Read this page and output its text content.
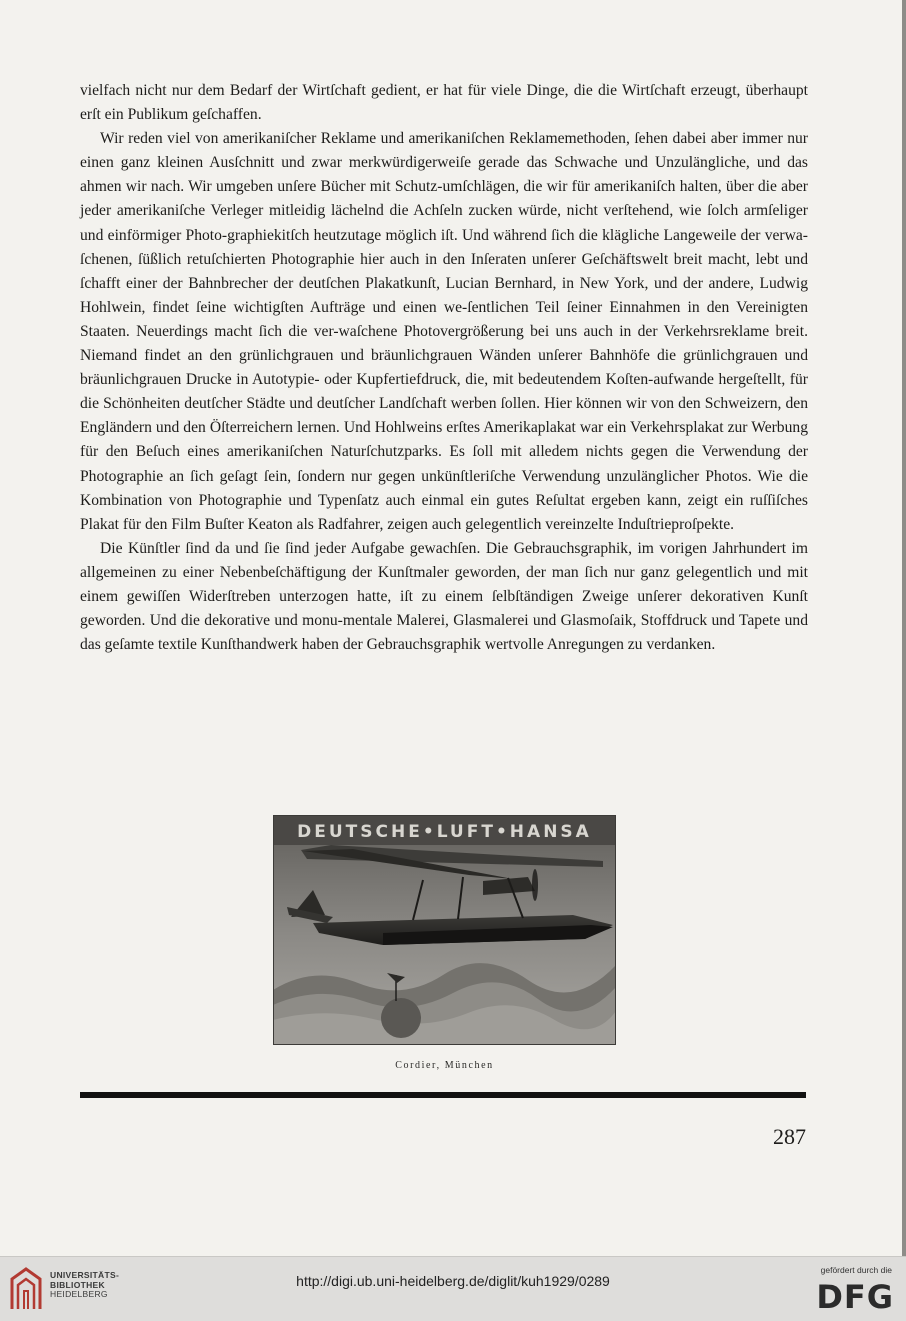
vielfach nicht nur dem Bedarf der Wirtſchaft gedient, er hat für viele Dinge, die die Wirtſchaft erzeugt, überhaupt erſt ein Publikum geſchaffen.

Wir reden viel von amerikaniſcher Reklame und amerikaniſchen Reklamemethoden, ſehen dabei aber immer nur einen ganz kleinen Ausſchnitt und zwar merkwürdigerweiſe gerade das Schwache und Unzulängliche, und das ahmen wir nach. Wir umgeben unſere Bücher mit Schutz-umſchlägen, die wir für amerikaniſch halten, über die aber jeder amerikaniſche Verleger mitleidig lächelnd die Achſeln zucken würde, nicht verſtehend, wie ſolch armſeliger und einförmiger Photo-graphiekitſch heutzutage möglich iſt. Und während ſich die klägliche Langeweile der verwa-ſchenen, ſüßlich retuſchierten Photographie hier auch in den Inſeraten unſerer Geſchäftswelt breit macht, lebt und ſchafft einer der Bahnbrecher der deutſchen Plakatkunſt, Lucian Bernhard, in New York, und der andere, Ludwig Hohlwein, findet ſeine wichtigſten Aufträge und einen we-ſentlichen Teil ſeiner Einnahmen in den Vereinigten Staaten. Neuerdings macht ſich die ver-waſchene Photovergrößerung bei uns auch in der Verkehrsreklame breit. Niemand findet an den grünlichgrauen und bräunlichgrauen Wänden unſerer Bahnhöfe die grünlichgrauen und bräunlichgrauen Drucke in Autotypie- oder Kupfertiefdruck, die, mit bedeutendem Koſten-aufwande hergeſtellt, für die Schönheiten deutſcher Städte und deutſcher Landſchaft werben ſollen. Hier können wir von den Schweizern, den Engländern und den Öſterreichern lernen. Und Hohlweins erſtes Amerikaplakat war ein Verkehrsplakat zur Werbung für den Beſuch eines amerikaniſchen Naturſchutzparks. Es ſoll mit alledem nichts gegen die Verwendung der Photographie an ſich geſagt ſein, ſondern nur gegen unkünſtleriſche Verwendung unzulänglicher Photos. Wie die Kombination von Photographie und Typenſatz auch einmal ein gutes Reſultat ergeben kann, zeigt ein ruſſiſches Plakat für den Film Buſter Keaton als Radfahrer, zeigen auch gelegentlich vereinzelte Induſtrieproſpekte.

Die Künſtler ſind da und ſie ſind jeder Aufgabe gewachſen. Die Gebrauchsgraphik, im vorigen Jahrhundert im allgemeinen zu einer Nebenbeſchäftigung der Kunſtmaler geworden, der man ſich nur ganz gelegentlich und mit einem gewiſſen Widerſtreben unterzogen hatte, iſt zu einem ſelbſtändigen Zweige unſerer dekorativen Kunſt geworden. Und die dekorative und monu-mentale Malerei, Glasmalerei und Glasmoſaik, Stoffdruck und Tapete und das geſamte textile Kunſthandwerk haben der Gebrauchsgraphik wertvolle Anregungen zu verdanken.

DEUTSCHE•LUFT•HANSA
Cordier, München
287
UNIVERSITÄTS-
BIBLIOTHEK
HEIDELBERG
http://digi.ub.uni-heidelberg.de/diglit/kuh1929/0289
gefördert durch die
DFG
